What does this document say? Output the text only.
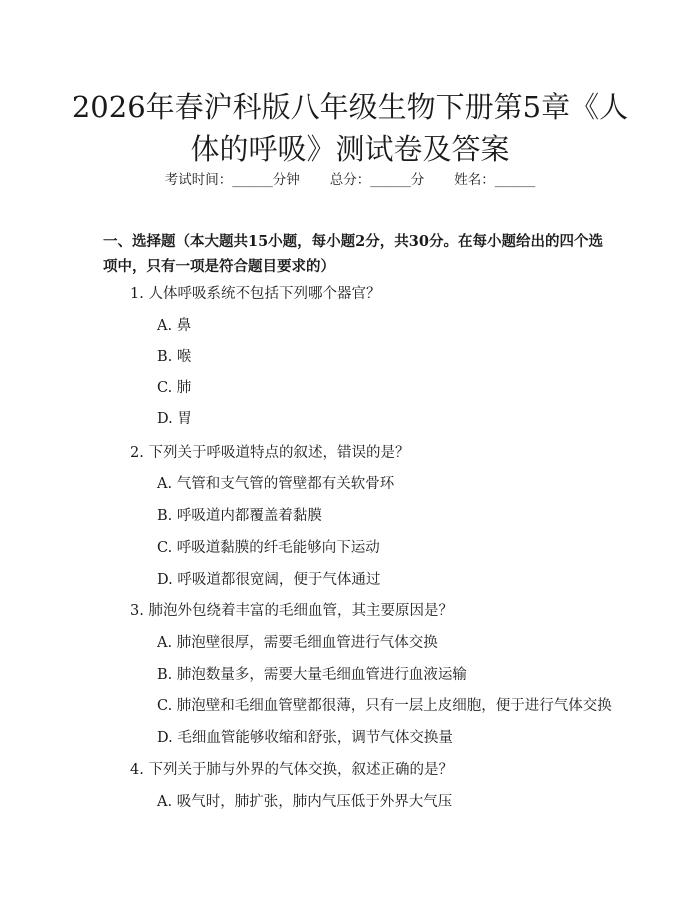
2026年春沪科版八年级生物下册第5章《人体的呼吸》测试卷及答案
考试时间：______分钟 总分：______分 姓名：______
一、选择题（本大题共15小题，每小题2分，共30分。在每小题给出的四个选项中，只有一项是符合题目要求的）
1. 人体呼吸系统不包括下列哪个器官？
A. 鼻
B. 喉
C. 肺
D. 胃
2. 下列关于呼吸道特点的叙述，错误的是？
A. 气管和支气管的管壁都有关软骨环
B. 呼吸道内都覆盖着黏膜
C. 呼吸道黏膜的纤毛能够向下运动
D. 呼吸道都很宽阔，便于气体通过
3. 肺泡外包绕着丰富的毛细血管，其主要原因是？
A. 肺泡壁很厚，需要毛细血管进行气体交换
B. 肺泡数量多，需要大量毛细血管进行血液运输
C. 肺泡壁和毛细血管壁都很薄，只有一层上皮细胞，便于进行气体交换
D. 毛细血管能够收缩和舒张，调节气体交换量
4. 下列关于肺与外界的气体交换，叙述正确的是？
A. 吸气时，肺扩张，肺内气压低于外界大气压
